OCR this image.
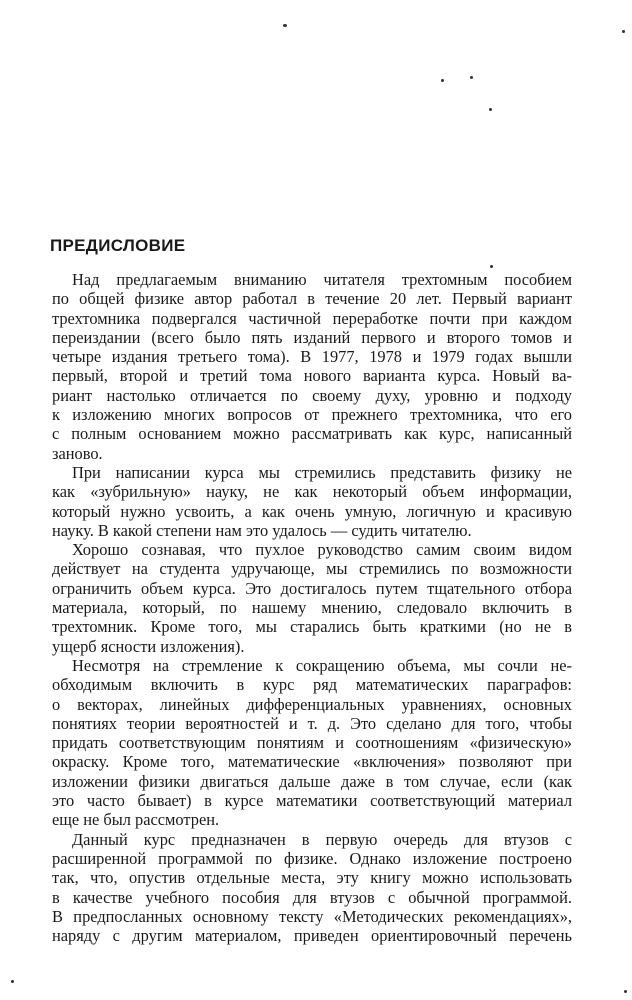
ПРЕДИСЛОВИЕ
Над предлагаемым вниманию читателя трехтомным пособием
по общей физике автор работал в течение 20 лет. Первый вариант
трехтомника подвергался частичной переработке почти при каждом
переиздании (всего было пять изданий первого и второго томов и
четыре издания третьего тома). В 1977, 1978 и 1979 годах вышли
первый, второй и третий тома нового варианта курса. Новый ва-
риант настолько отличается по своему духу, уровню и подходу
к изложению многих вопросов от прежнего трехтомника, что его
с полным основанием можно рассматривать как курс, написанный
заново.
При написании курса мы стремились представить физику не
как «зубрильную» науку, не как некоторый объем информации,
который нужно усвоить, а как очень умную, логичную и красивую
науку. В какой степени нам это удалось — судить читателю.
Хорошо сознавая, что пухлое руководство самим своим видом
действует на студента удручающе, мы стремились по возможности
ограничить объем курса. Это достигалось путем тщательного отбора
материала, который, по нашему мнению, следовало включить в
трехтомник. Кроме того, мы старались быть краткими (но не в
ущерб ясности изложения).
Несмотря на стремление к сокращению объема, мы сочли не-
обходимым включить в курс ряд математических параграфов:
о векторах, линейных дифференциальных уравнениях, основных
понятиях теории вероятностей и т. д. Это сделано для того, чтобы
придать соответствующим понятиям и соотношениям «физическую»
окраску. Кроме того, математические «включения» позволяют при
изложении физики двигаться дальше даже в том случае, если (как
это часто бывает) в курсе математики соответствующий материал
еще не был рассмотрен.
Данный курс предназначен в первую очередь для втузов с
расширенной программой по физике. Однако изложение построено
так, что, опустив отдельные места, эту книгу можно использовать
в качестве учебного пособия для втузов с обычной программой.
В предпосланных основному тексту «Методических рекомендациях»,
наряду с другим материалом, приведен ориентировочный перечень
